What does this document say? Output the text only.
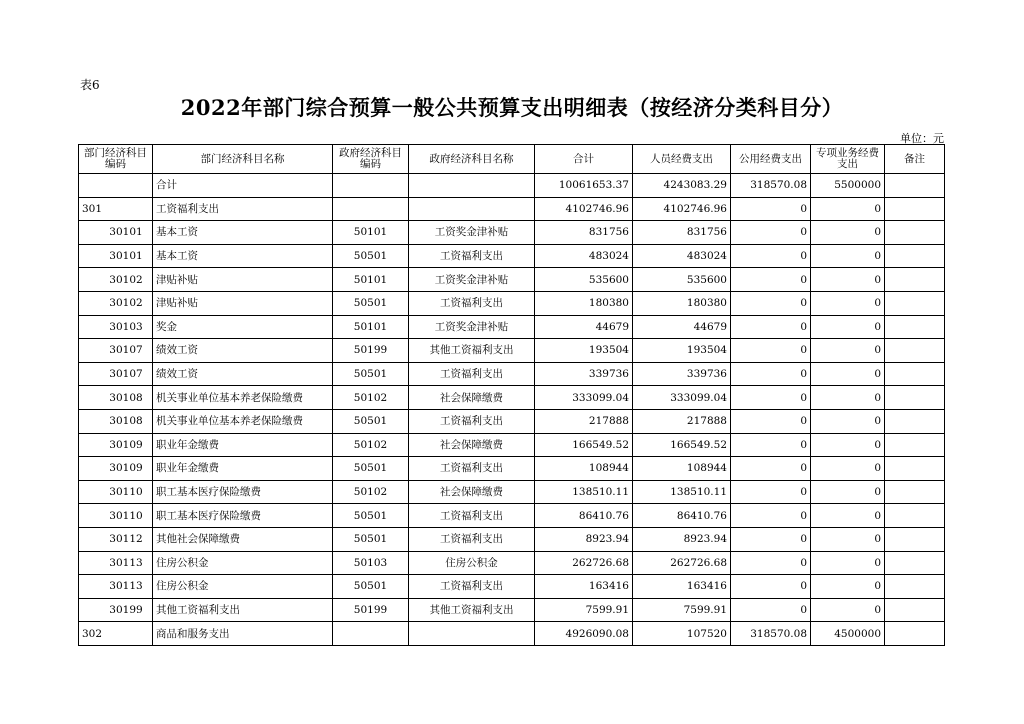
表6
2022年部门综合预算一般公共预算支出明细表（按经济分类科目分）
单位：元
部门经济科目编码	部门经济科目名称	政府经济科目编码	政府经济科目名称	合计	人员经费支出	公用经费支出	专项业务经费支出	备注
	合计			10061653.37	4243083.29	318570.08	5500000	
301	工资福利支出			4102746.96	4102746.96	0	0	
30101	基本工资	50101	工资奖金津补贴	831756	831756	0	0	
30101	基本工资	50501	工资福利支出	483024	483024	0	0	
30102	津贴补贴	50101	工资奖金津补贴	535600	535600	0	0	
30102	津贴补贴	50501	工资福利支出	180380	180380	0	0	
30103	奖金	50101	工资奖金津补贴	44679	44679	0	0	
30107	绩效工资	50199	其他工资福利支出	193504	193504	0	0	
30107	绩效工资	50501	工资福利支出	339736	339736	0	0	
30108	机关事业单位基本养老保险缴费	50102	社会保障缴费	333099.04	333099.04	0	0	
30108	机关事业单位基本养老保险缴费	50501	工资福利支出	217888	217888	0	0	
30109	职业年金缴费	50102	社会保障缴费	166549.52	166549.52	0	0	
30109	职业年金缴费	50501	工资福利支出	108944	108944	0	0	
30110	职工基本医疗保险缴费	50102	社会保障缴费	138510.11	138510.11	0	0	
30110	职工基本医疗保险缴费	50501	工资福利支出	86410.76	86410.76	0	0	
30112	其他社会保障缴费	50501	工资福利支出	8923.94	8923.94	0	0	
30113	住房公积金	50103	住房公积金	262726.68	262726.68	0	0	
30113	住房公积金	50501	工资福利支出	163416	163416	0	0	
30199	其他工资福利支出	50199	其他工资福利支出	7599.91	7599.91	0	0	
302	商品和服务支出			4926090.08	107520	318570.08	4500000	
